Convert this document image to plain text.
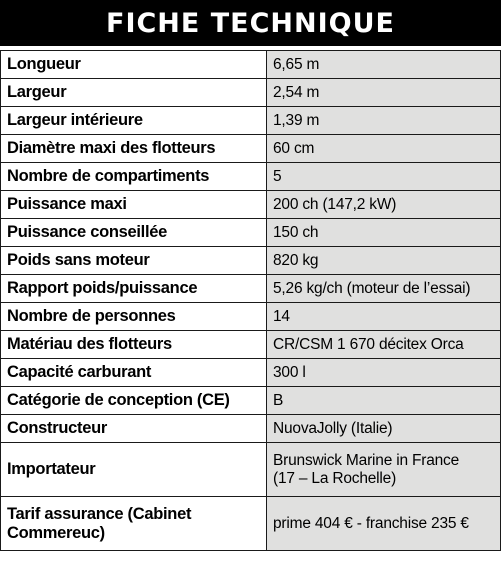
FICHE TECHNIQUE
Longueur	6,65 m
Largeur	2,54 m
Largeur intérieure	1,39 m
Diamètre maxi des flotteurs	60 cm
Nombre de compartiments	5
Puissance maxi	200 ch (147,2 kW)
Puissance conseillée	150 ch
Poids sans moteur	820 kg
Rapport poids/puissance	5,26 kg/ch (moteur de l’essai)
Nombre de personnes	14
Matériau des flotteurs	CR/CSM 1 670 décitex Orca
Capacité carburant	300 l
Catégorie de conception (CE)	B
Constructeur	NuovaJolly (Italie)
Importateur	Brunswick Marine in France
(17 – La Rochelle)

Tarif assurance (Cabinet
Commereuc)	prime 404 € - franchise 235 €
